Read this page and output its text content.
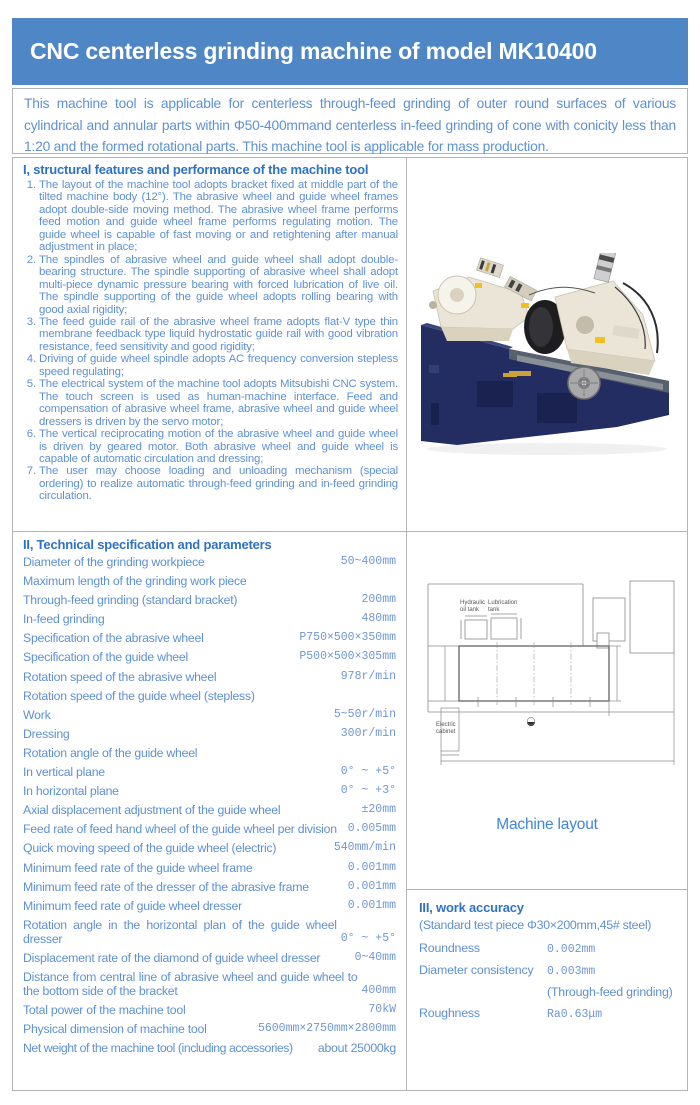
CNC centerless grinding machine of model MK10400
This machine tool is applicable for centerless through-feed grinding of outer round surfaces of various cylindrical and annular parts within Φ50-400mmand centerless in-feed grinding of cone with conicity less than 1:20 and the formed rotational parts. This machine tool is applicable for mass production.

I, structural features and performance of the machine tool

1. The layout of the machine tool adopts bracket fixed at middle part of the tilted machine body (12°). The abrasive wheel and guide wheel frames adopt double-side moving method. The abrasive wheel frame performs feed motion and guide wheel frame performs regulating motion. The guide wheel is capable of fast moving or and retightening after manual adjustment in place;
2. The spindles of abrasive wheel and guide wheel shall adopt double-bearing structure. The spindle supporting of abrasive wheel shall adopt multi-piece dynamic pressure bearing with forced lubrication of live oil. The spindle supporting of the guide wheel adopts rolling bearing with good axial rigidity;
3. The feed guide rail of the abrasive wheel frame adopts flat-V type thin membrane feedback type liquid hydrostatic guide rail with good vibration resistance, feed sensitivity and good rigidity;
4. Driving of guide wheel spindle adopts AC frequency conversion stepless speed regulating;
5. The electrical system of the machine tool adopts Mitsubishi CNC system. The touch screen is used as human-machine interface. Feed and compensation of abrasive wheel frame, abrasive wheel and guide wheel dressers is driven by the servo motor;
6. The vertical reciprocating motion of the abrasive wheel and guide wheel is driven by geared motor. Both abrasive wheel and guide wheel is capable of automatic circulation and dressing;
7. The user may choose loading and unloading mechanism (special ordering) to realize automatic through-feed grinding and in-feed grinding circulation.

II, Technical specification and parameters

Diameter of the grinding workpiece	50~400mm
Maximum length of the grinding work piece
Through-feed grinding (standard bracket)	200mm
In-feed grinding	480mm
Specification of the abrasive wheel	P750×500×350mm
Specification of the guide wheel	P500×500×305mm
Rotation speed of the abrasive wheel	978r/min
Rotation speed of the guide wheel (stepless)
Work	5~50r/min
Dressing	300r/min
Rotation angle of the guide wheel
In vertical plane	0° ~ +5°
In horizontal plane	0° ~ +3°
Axial displacement adjustment of the guide wheel	±20mm
Feed rate of feed hand wheel of the guide wheel per division 0.005mm
Quick moving speed of the guide wheel (electric)	540mm/min
Minimum feed rate of the guide wheel frame	0.001mm
Minimum feed rate of the dresser of the abrasive frame	0.001mm
Minimum feed rate of guide wheel dresser	0.001mm
Rotation angle in the horizontal plan of the guide wheel dresser	0° ~ +5°
Displacement rate of the diamond of guide wheel dresser	0~40mm
Distance from central line of abrasive wheel and guide wheel to the bottom side of the bracket	400mm
Total power of the machine tool	70kW
Physical dimension of machine tool	5600mm×2750mm×2800mm
Net weight of the machine tool (including accessories)	about 25000kg
Hydraulic oil tank
Lubrication tank
Electric cabinet
Machine layout

III, work accuracy

(Standard test piece Φ30×200mm,45# steel)
Roundness	0.002mm
Diameter consistency	0.003mm
(Through-feed grinding)
Roughness	Ra0.63μm
